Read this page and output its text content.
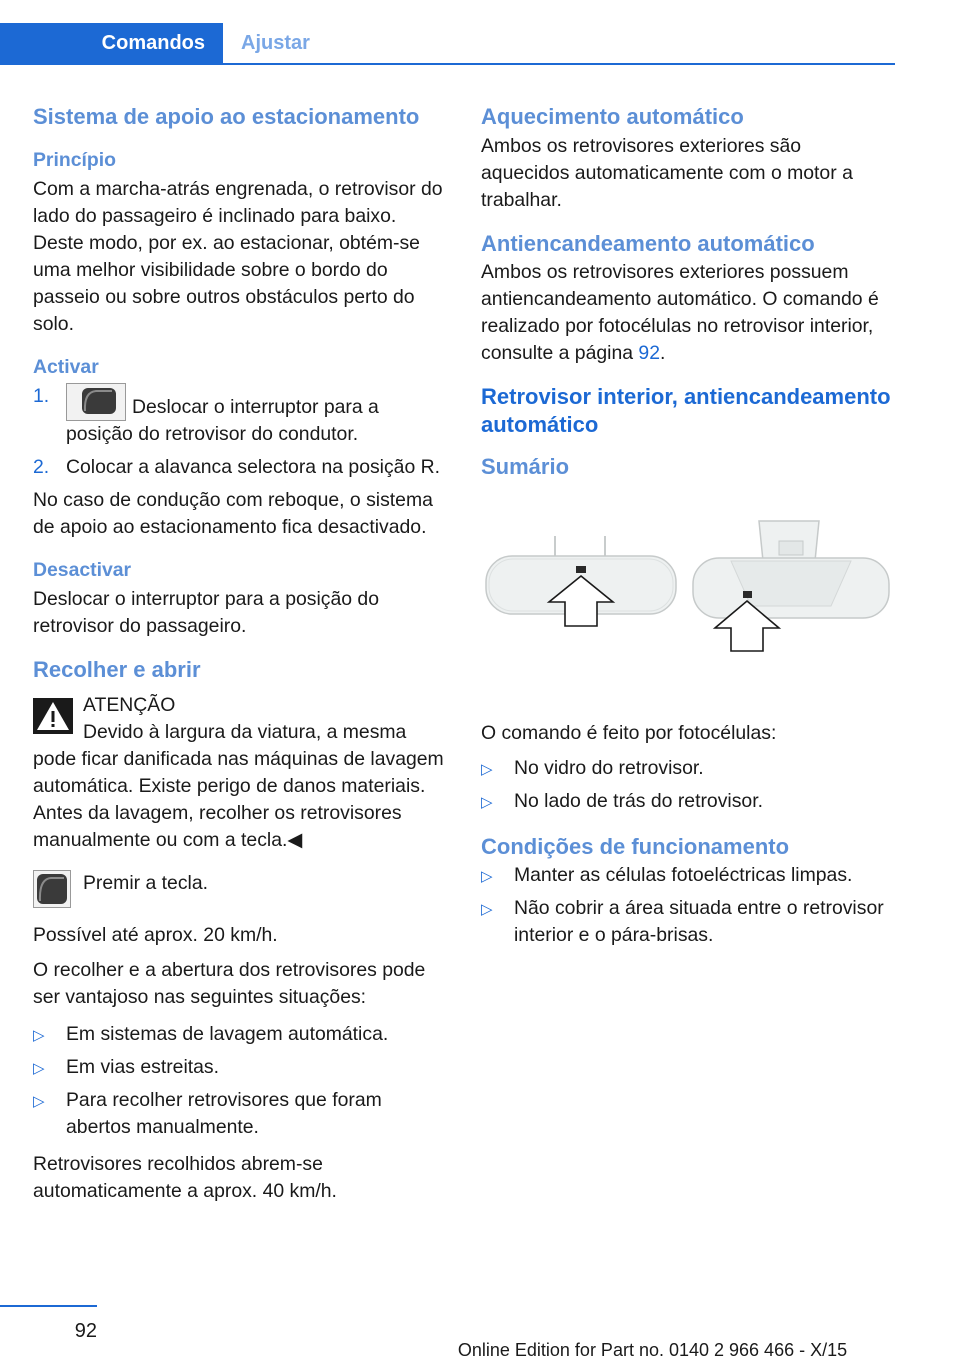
Comandos	Ajustar
Sistema de apoio ao estacionamento
Princípio

Com a marcha-atrás engrenada, o retrovisor do lado do passageiro é inclinado para baixo. Deste modo, por ex. ao estacionar, obtém-se uma melhor visibilidade sobre o bordo do passeio ou sobre outros obstáculos perto do solo.

Activar
1.	Deslocar o interruptor para a posição do retrovisor do condutor.
2. Colocar a alavanca selectora na posição R.

No caso de condução com reboque, o sistema de apoio ao estacionamento fica desactivado.

Desactivar

Deslocar o interruptor para a posição do retrovisor do passageiro.

Recolher e abrir
ATENÇÃO
Devido à largura da viatura, a mesma pode ficar danificada nas máquinas de lavagem automática. Existe perigo de danos materiais. Antes da lavagem, recolher os retrovisores manualmente ou com a tecla.◀
Premir a tecla.

Possível até aprox. 20 km/h.

O recolher e a abertura dos retrovisores pode ser vantajoso nas seguintes situações:

▷ Em sistemas de lavagem automática.
▷ Em vias estreitas.
▷ Para recolher retrovisores que foram abertos manualmente.

Retrovisores recolhidos abrem-se automaticamente a aprox. 40 km/h.

Aquecimento automático

Ambos os retrovisores exteriores são aquecidos automaticamente com o motor a trabalhar.

Antiencandeamento automático

Ambos os retrovisores exteriores possuem antiencandeamento automático. O comando é realizado por fotocélulas no retrovisor interior, consulte a página 92.

Retrovisor interior, antiencandeamento automático
Sumário

O comando é feito por fotocélulas:

▷ No vidro do retrovisor.
▷ No lado de trás do retrovisor.
Condições de funcionamento
▷ Manter as células fotoeléctricas limpas.
▷ Não cobrir a área situada entre o retrovisor interior e o pára-brisas.
92
Online Edition for Part no. 0140 2 966 466 - X/15
